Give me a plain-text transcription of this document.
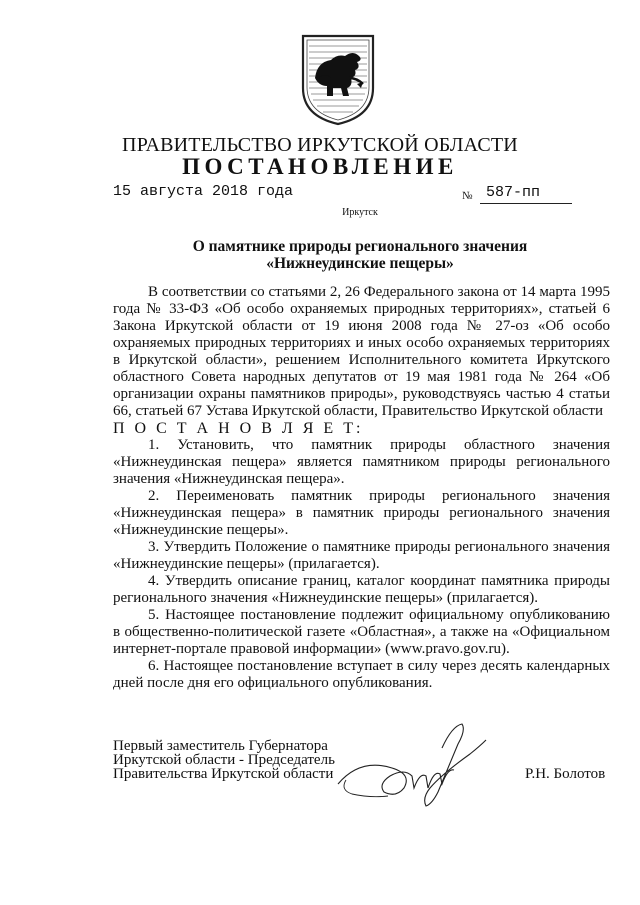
ПРАВИТЕЛЬСТВО ИРКУТСКОЙ ОБЛАСТИ
ПОСТАНОВЛЕНИЕ
15 августа 2018 года	№ 587-пп
Иркутск
О памятнике природы регионального значения
«Нижнеудинские пещеры»

В соответствии со статьями 2, 26 Федерального закона от 14 марта 1995 года № 33-ФЗ «Об особо охраняемых природных территориях», статьей 6 Закона Иркутской области от 19 июня 2008 года № 27-оз «Об особо охраняемых природных территориях и иных особо охраняемых территориях в Иркутской области», решением Исполнительного комитета Иркутского областного Совета народных депутатов от 19 мая 1981 года № 264 «Об организации охраны памятников природы», руководствуясь частью 4 статьи 66, статьей 67 Устава Иркутской области, Правительство Иркутской области

П О С Т А Н О В Л Я Е Т:

1. Установить, что памятник природы областного значения «Нижнеудинская пещера» является памятником природы регионального значения «Нижнеудинская пещера».

2. Переименовать памятник природы регионального значения «Нижнеудинская пещера» в памятник природы регионального значения «Нижнеудинские пещеры».

3. Утвердить Положение о памятнике природы регионального значения «Нижнеудинские пещеры» (прилагается).

4. Утвердить описание границ, каталог координат памятника природы регионального значения «Нижнеудинские пещеры» (прилагается).

5. Настоящее постановление подлежит официальному опубликованию в общественно-политической газете «Областная», а также на «Официальном интернет-портале правовой информации» (www.pravo.gov.ru).

6. Настоящее постановление вступает в силу через десять календарных дней после дня его официального опубликования.

Первый заместитель Губернатора
Иркутской области - Председатель
Правительства Иркутской области	Р.Н. Болотов
